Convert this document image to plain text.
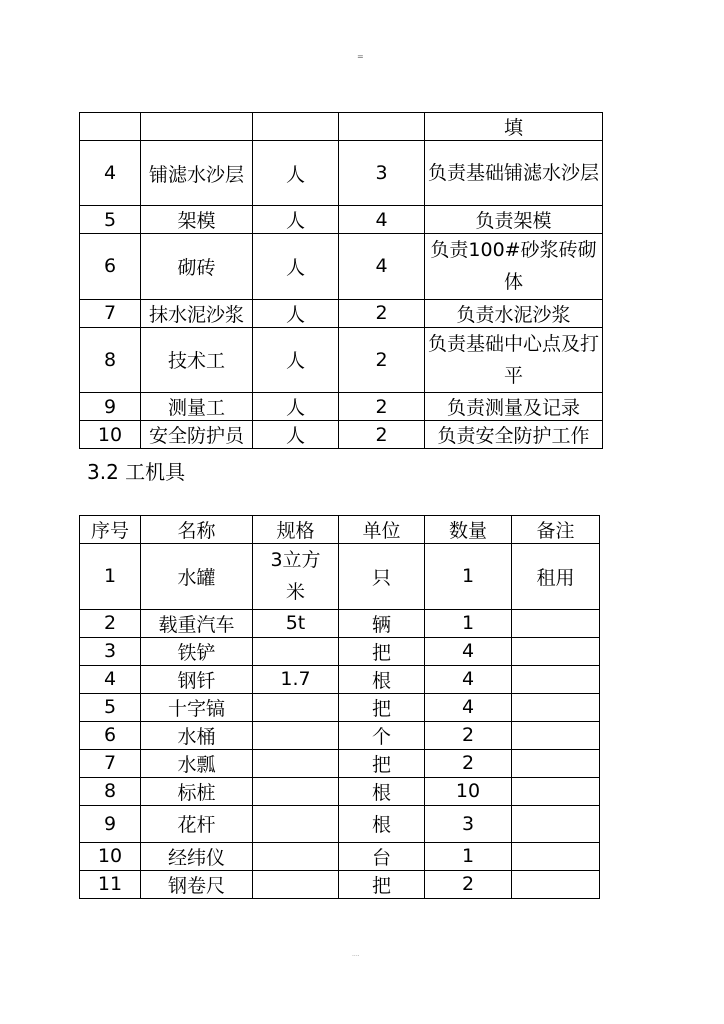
=
				填
4	铺滤水沙层	人	3	负责基础铺滤水沙层
5	架模	人	4	负责架模
6	砌砖	人	4	负责100#砂浆砖砌体
7	抹水泥沙浆	人	2	负责水泥沙浆
8	技术工	人	2	负责基础中心点及打平
9	测量工	人	2	负责测量及记录
10	安全防护员	人	2	负责安全防护工作
3.2 工机具
序号	名称	规格	单位	数量	备注
1	水罐	3立方米	只	1	租用
2	载重汽车	5t	辆	1	
3	铁铲		把	4	
4	钢钎	1.7	根	4	
5	十字镐		把	4	
6	水桶		个	2	
7	水瓢		把	2	
8	标桩		根	10	
9	花杆		根	3	
10	经纬仪		台	1	
11	钢卷尺		把	2	
····
